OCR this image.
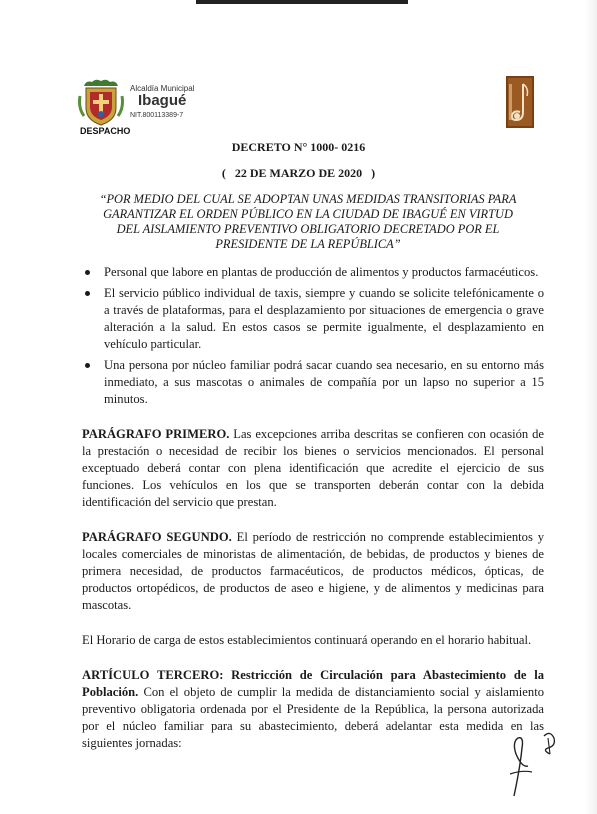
Alcaldía Municipal
Ibagué
NIT.800113389-7
DESPACHO
DECRETO N° 1000- 0216
(   22 DE MARZO DE 2020   )
“POR MEDIO DEL CUAL SE ADOPTAN UNAS MEDIDAS TRANSITORIAS PARA GARANTIZAR EL ORDEN PÚBLICO EN LA CIUDAD DE IBAGUÉ EN VIRTUD DEL AISLAMIENTO PREVENTIVO OBLIGATORIO DECRETADO POR EL PRESIDENTE DE LA REPÚBLICA”
Personal que labore en plantas de producción de alimentos y productos farmacéuticos.
El servicio público individual de taxis, siempre y cuando se solicite telefónicamente o a través de plataformas, para el desplazamiento por situaciones de emergencia o grave alteración a la salud. En estos casos se permite igualmente, el desplazamiento en vehículo particular.
Una persona por núcleo familiar podrá sacar cuando sea necesario, en su entorno más inmediato, a sus mascotas o animales de compañía por un lapso no superior a 15 minutos.

PARÁGRAFO PRIMERO. Las excepciones arriba descritas se confieren con ocasión de la prestación o necesidad de recibir los bienes o servicios mencionados. El personal exceptuado deberá contar con plena identificación que acredite el ejercicio de sus funciones. Los vehículos en los que se transporten deberán contar con la debida identificación del servicio que prestan.

PARÁGRAFO SEGUNDO. El período de restricción no comprende establecimientos y locales comerciales de minoristas de alimentación, de bebidas, de productos y bienes de primera necesidad, de productos farmacéuticos, de productos médicos, ópticas, de productos ortopédicos, de productos de aseo e higiene, y de alimentos y medicinas para mascotas.

El Horario de carga de estos establecimientos continuará operando en el horario habitual.

ARTÍCULO TERCERO: Restricción de Circulación para Abastecimiento de la Población. Con el objeto de cumplir la medida de distanciamiento social y aislamiento preventivo obligatoria ordenada por el Presidente de la República, la persona autorizada por el núcleo familiar para su abastecimiento, deberá adelantar esta medida en las siguientes jornadas:
